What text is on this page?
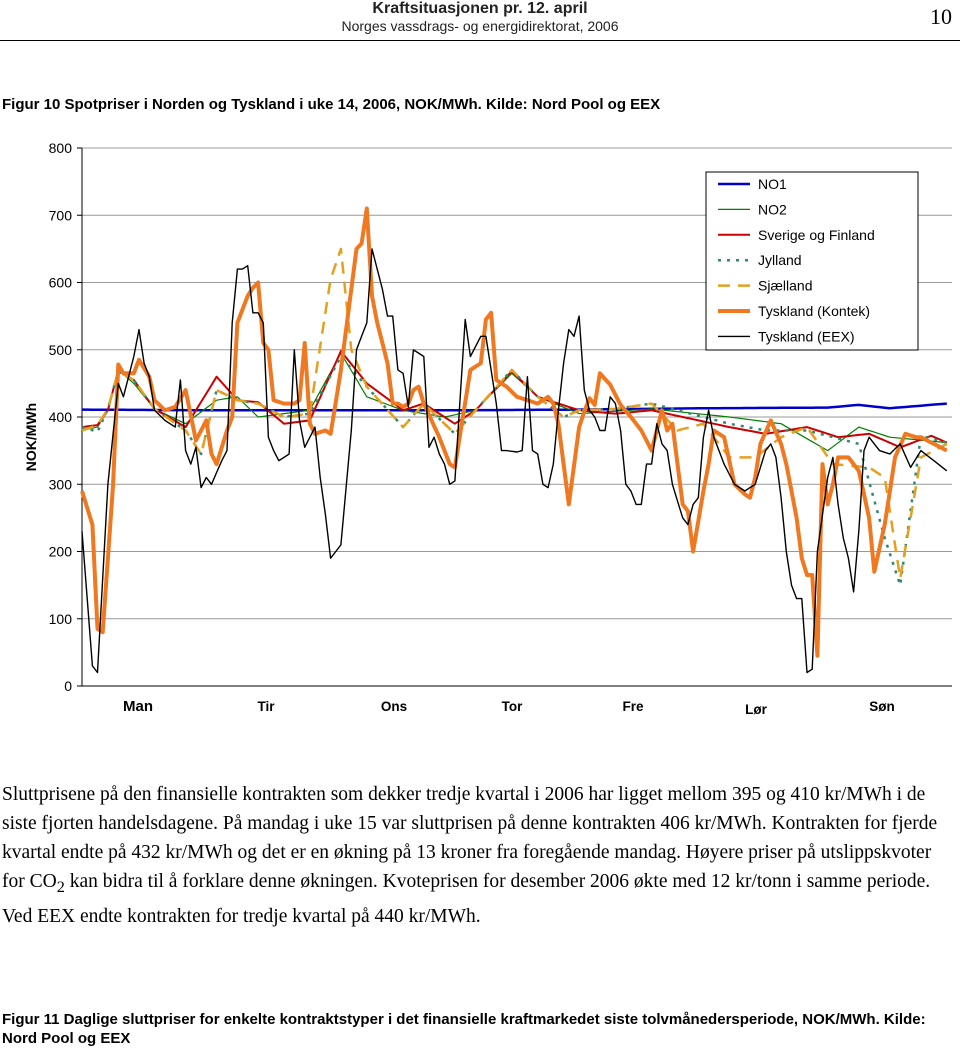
Kraftsituasjonen pr. 12. april
Norges vassdrags- og energidirektorat, 2006	10
Figur 10 Spotpriser i Norden og Tyskland i uke 14, 2006, NOK/MWh. Kilde: Nord Pool og EEX
0
100
200
300
400
500
600
700
800
Man	Tir	Ons	Tor	Fre	Lør	Søn
NOK/MWh
NO1
NO2
Sverige og Finland
Jylland
Sjælland
Tyskland (Kontek)
Tyskland (EEX)
Sluttprisene på den finansielle kontrakten som dekker tredje kvartal i 2006 har ligget mellom 395 og 410 kr/MWh i de siste fjorten handelsdagene. På mandag i uke 15 var sluttprisen på denne kontrakten 406 kr/MWh. Kontrakten for fjerde kvartal endte på 432 kr/MWh og det er en økning på 13 kroner fra foregående mandag. Høyere priser på utslippskvoter for $CO_2$ kan bidra til å forklare denne økningen. Kvoteprisen for desember 2006 økte med 12 kr/tonn i samme periode. Ved EEX endte kontrakten for tredje kvartal på 440 kr/MWh.
Figur 11 Daglige sluttpriser for enkelte kontraktstyper i det finansielle kraftmarkedet siste tolvmånedersperiode, NOK/MWh. Kilde: Nord Pool og EEX
